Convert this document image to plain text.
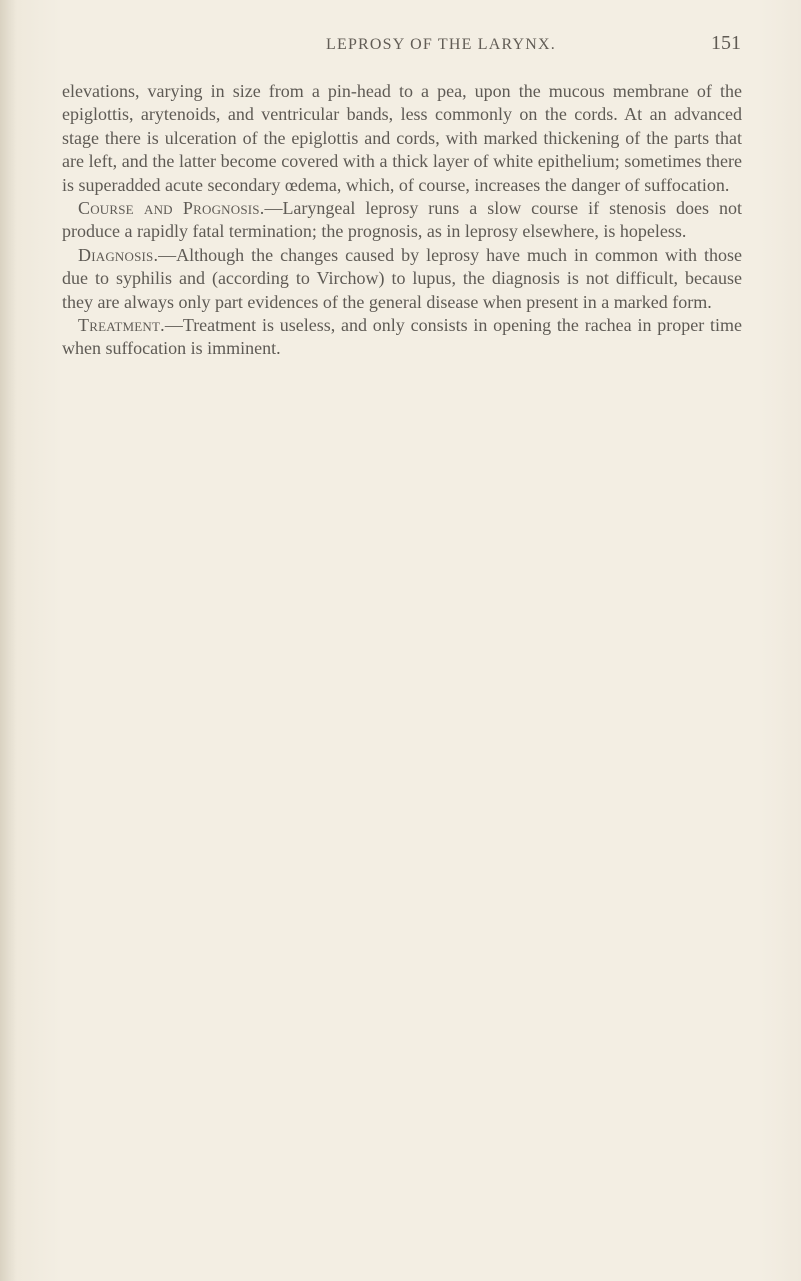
LEPROSY OF THE LARYNX.	151

elevations, varying in size from a pin-head to a pea, upon the mucous membrane of the epiglottis, arytenoids, and ventricular bands, less commonly on the cords. At an advanced stage there is ulceration of the epiglottis and cords, with marked thickening of the parts that are left, and the latter become covered with a thick layer of white epithelium; sometimes there is superadded acute secondary œdema, which, of course, increases the danger of suffocation.

Course and Prognosis.—Laryngeal leprosy runs a slow course if stenosis does not produce a rapidly fatal termination; the prognosis, as in leprosy elsewhere, is hopeless.

Diagnosis.—Although the changes caused by leprosy have much in common with those due to syphilis and (according to Virchow) to lupus, the diagnosis is not difficult, because they are always only part evidences of the general disease when present in a marked form.

Treatment.—Treatment is useless, and only consists in opening the rachea in proper time when suffocation is imminent.
